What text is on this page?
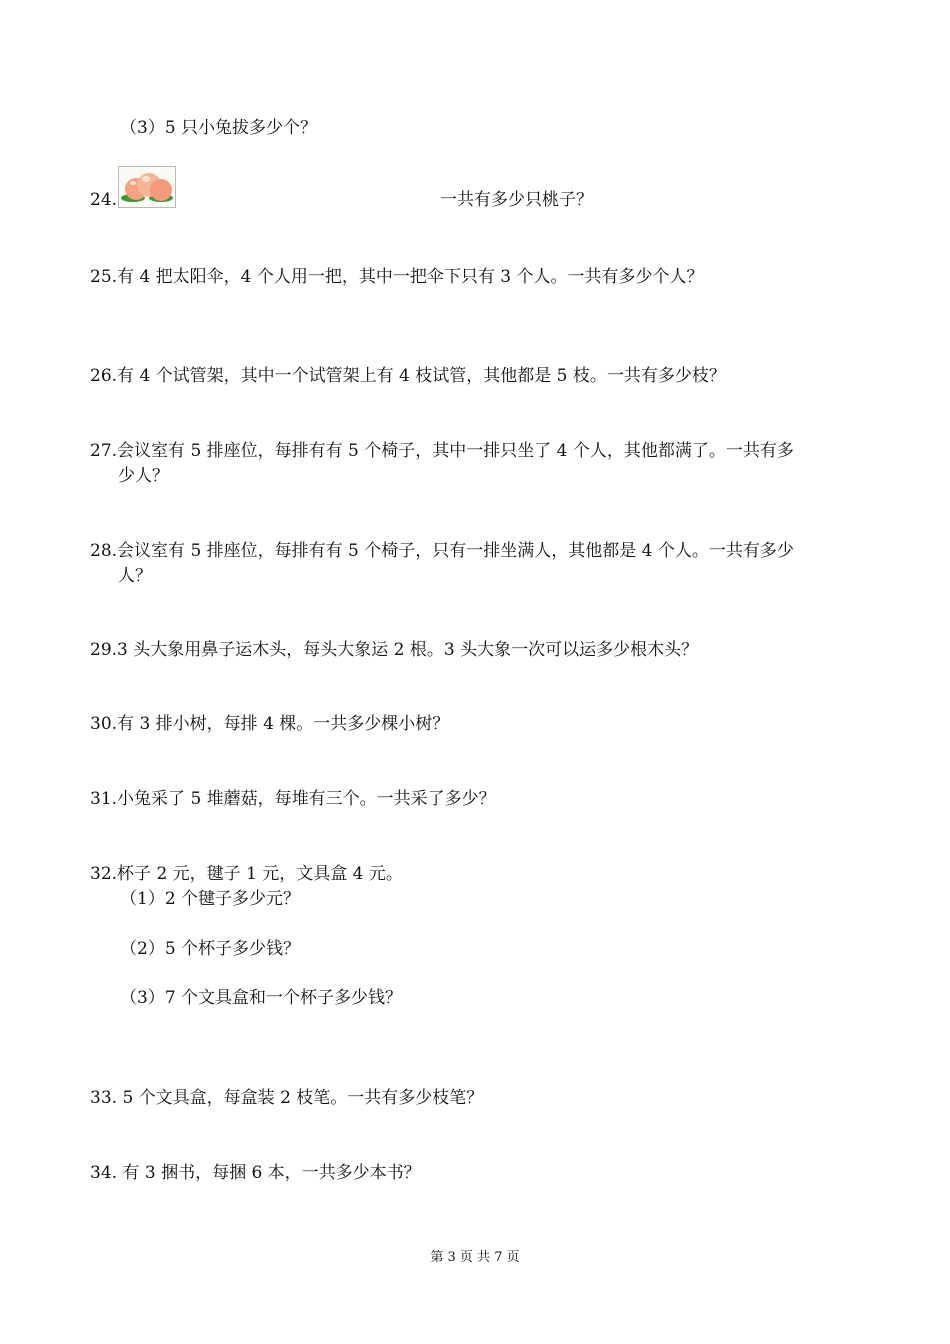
（3）5 只小兔拔多少个？
24.	一共有多少只桃子？
25.有 4 把太阳伞，4 个人用一把，其中一把伞下只有 3 个人。一共有多少个人？
26.有 4 个试管架，其中一个试管架上有 4 枝试管，其他都是 5 枝。一共有多少枝？
27.会议室有 5 排座位，每排有有 5 个椅子，其中一排只坐了 4 个人，其他都满了。一共有多
少人？
28.会议室有 5 排座位，每排有有 5 个椅子，只有一排坐满人，其他都是 4 个人。一共有多少
人？
29.3 头大象用鼻子运木头，每头大象运 2 根。3 头大象一次可以运多少根木头？
30.有 3 排小树，每排 4 棵。一共多少棵小树？
31.小兔采了 5 堆蘑菇，每堆有三个。一共采了多少？
32.杯子 2 元，毽子 1 元，文具盒 4 元。
（1）2 个毽子多少元？
（2）5 个杯子多少钱？
（3）7 个文具盒和一个杯子多少钱？
33. 5 个文具盒，每盒装 2 枝笔。一共有多少枝笔？
34. 有 3 捆书，每捆 6 本，一共多少本书？
第 3 页 共 7 页
